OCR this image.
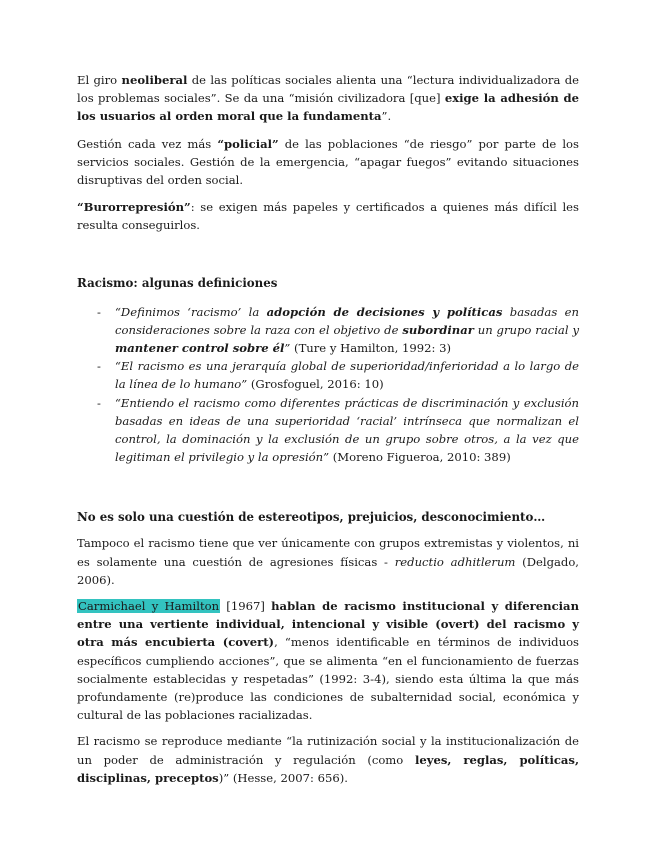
El giro neoliberal de las políticas sociales alienta una “lectura individualizadora de los problemas sociales”. Se da una “misión civilizadora [que] exige la adhesión de los usuarios al orden moral que la fundamenta”.

Gestión cada vez más “policial” de las poblaciones “de riesgo” por parte de los servicios sociales. Gestión de la emergencia, “apagar fuegos” evitando situaciones disruptivas del orden social.

“Burorrepresión”: se exigen más papeles y certificados a quienes más difícil les resulta conseguirlos.

Racismo: algunas definiciones
- “Definimos ‘racismo’ la adopción de decisiones y políticas basadas en consideraciones sobre la raza con el objetivo de subordinar un grupo racial y mantener control sobre él” (Ture y Hamilton, 1992: 3)
- “El racismo es una jerarquía global de superioridad/inferioridad a lo largo de la línea de lo humano” (Grosfoguel, 2016: 10)
- “Entiendo el racismo como diferentes prácticas de discriminación y exclusión basadas en ideas de una superioridad ‘racial’ intrínseca que normalizan el control, la dominación y la exclusión de un grupo sobre otros, a la vez que legitiman el privilegio y la opresión” (Moreno Figueroa, 2010: 389)
No es solo una cuestión de estereotipos, prejuicios, desconocimiento…

Tampoco el racismo tiene que ver únicamente con grupos extremistas y violentos, ni es solamente una cuestión de agresiones físicas - reductio adhitlerum (Delgado, 2006).

Carmichael y Hamilton [1967] hablan de racismo institucional y diferencian entre una vertiente individual, intencional y visible (overt) del racismo y otra más encubierta (covert), “menos identificable en términos de individuos específicos cumpliendo acciones”, que se alimenta “en el funcionamiento de fuerzas socialmente establecidas y respetadas” (1992: 3-4), siendo esta última la que más profundamente (re)produce las condiciones de subalternidad social, económica y cultural de las poblaciones racializadas.

El racismo se reproduce mediante “la rutinización social y la institucionalización de un poder de administración y regulación (como leyes, reglas, políticas, disciplinas, preceptos)” (Hesse, 2007: 656).
